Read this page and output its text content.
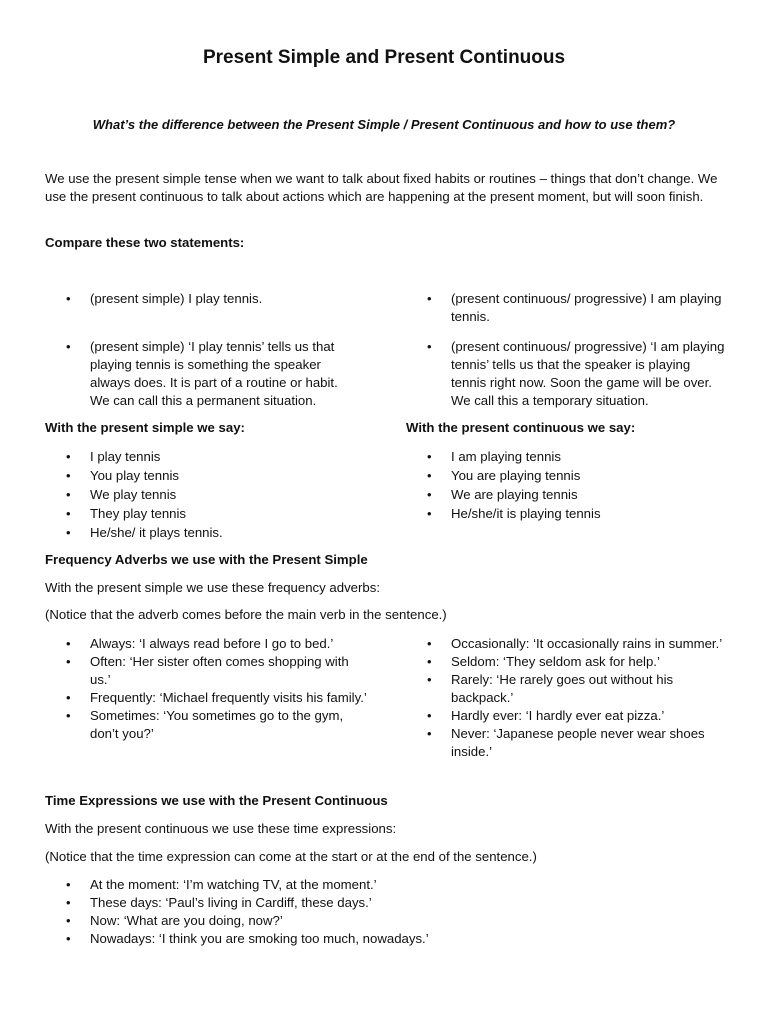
Present Simple and Present Continuous
What’s the difference between the Present Simple / Present Continuous and how to use them?

We use the present simple tense when we want to talk about fixed habits or routines – things that don’t change. We use the present continuous to talk about actions which are happening at the present moment, but will soon finish.

Compare these two statements:

• (present simple) I play tennis.
• (present simple) ‘I play tennis’ tells us that playing tennis is something the speaker always does. It is part of a routine or habit. We can call this a permanent situation.
• (present continuous/ progressive) I am playing tennis.
• (present continuous/ progressive) ‘I am playing tennis’ tells us that the speaker is playing tennis right now. Soon the game will be over. We call this a temporary situation.

With the present simple we say:	With the present continuous we say:

• I play tennis
• You play tennis
• We play tennis
• They play tennis
• He/she/ it plays tennis.
• I am playing tennis
• You are playing tennis
• We are playing tennis
• He/she/it is playing tennis

Frequency Adverbs we use with the Present Simple

With the present simple we use these frequency adverbs:

(Notice that the adverb comes before the main verb in the sentence.)

• Always: ‘I always read before I go to bed.’
• Often: ‘Her sister often comes shopping with us.’
• Frequently: ‘Michael frequently visits his family.’
• Sometimes: ‘You sometimes go to the gym, don’t you?’
• Occasionally: ‘It occasionally rains in summer.’
• Seldom: ‘They seldom ask for help.’
• Rarely: ‘He rarely goes out without his backpack.’
• Hardly ever: ‘I hardly ever eat pizza.’
• Never: ‘Japanese people never wear shoes inside.’

Time Expressions we use with the Present Continuous

With the present continuous we use these time expressions:

(Notice that the time expression can come at the start or at the end of the sentence.)

• At the moment: ‘I’m watching TV, at the moment.’
• These days: ‘Paul’s living in Cardiff, these days.’
• Now: ‘What are you doing, now?’
• Nowadays: ‘I think you are smoking too much, nowadays.’
